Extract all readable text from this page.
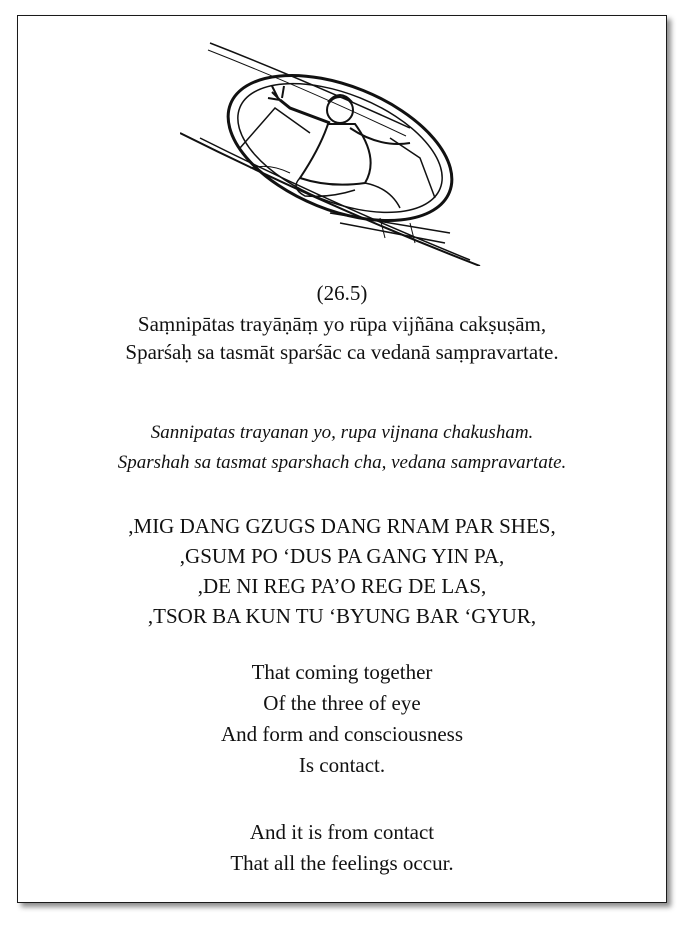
(26.5)
Saṃnipātas trayāṇāṃ yo rūpa vijñāna cakṣuṣām,
Sparśaḥ sa tasmāt sparśāc ca vedanā saṃpravartate.
Sannipatas trayanan yo, rupa vijnana chakusham.
Sparshah sa tasmat sparshach cha, vedana sampravartate.
,MIG DANG GZUGS DANG RNAM PAR SHES,
,GSUM PO ‘DUS PA GANG YIN PA,
,DE NI REG PA’O REG DE LAS,
,TSOR BA KUN TU ‘BYUNG BAR ‘GYUR,
That coming together
Of the three of eye
And form and consciousness
Is contact.
And it is from contact
That all the feelings occur.
